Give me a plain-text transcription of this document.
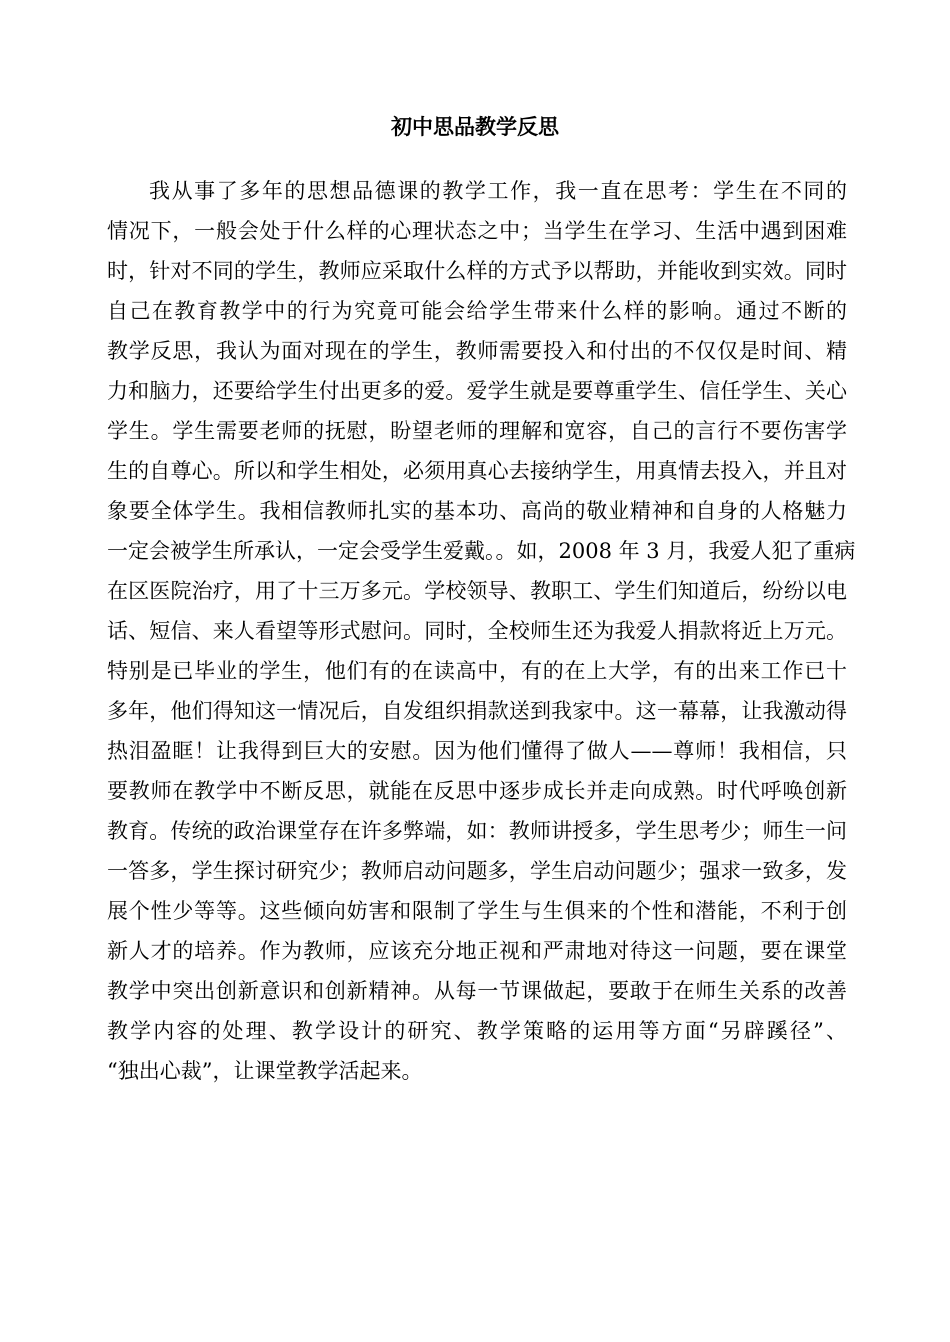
初中思品教学反思
我从事了多年的思想品德课的教学工作，我一直在思考：学生在不同的
情况下，一般会处于什么样的心理状态之中；当学生在学习、生活中遇到困难
时，针对不同的学生，教师应采取什么样的方式予以帮助，并能收到实效。同时
自己在教育教学中的行为究竟可能会给学生带来什么样的影响。通过不断的
教学反思，我认为面对现在的学生，教师需要投入和付出的不仅仅是时间、精
力和脑力，还要给学生付出更多的爱。爱学生就是要尊重学生、信任学生、关心
学生。学生需要老师的抚慰，盼望老师的理解和宽容，自己的言行不要伤害学
生的自尊心。所以和学生相处，必须用真心去接纳学生，用真情去投入，并且对
象要全体学生。我相信教师扎实的基本功、高尚的敬业精神和自身的人格魅力
一定会被学生所承认，一定会受学生爱戴。。如，2008 年 3 月，我爱人犯了重病
在区医院治疗，用了十三万多元。学校领导、教职工、学生们知道后，纷纷以电
话、短信、来人看望等形式慰问。同时，全校师生还为我爱人捐款将近上万元。
特别是已毕业的学生，他们有的在读高中，有的在上大学，有的出来工作已十
多年，他们得知这一情况后，自发组织捐款送到我家中。这一幕幕，让我激动得
热泪盈眶！让我得到巨大的安慰。因为他们懂得了做人——尊师！我相信，只
要教师在教学中不断反思，就能在反思中逐步成长并走向成熟。时代呼唤创新
教育。传统的政治课堂存在许多弊端，如：教师讲授多，学生思考少；师生一问
一答多，学生探讨研究少；教师启动问题多，学生启动问题少；强求一致多，发
展个性少等等。这些倾向妨害和限制了学生与生俱来的个性和潜能，不利于创
新人才的培养。作为教师，应该充分地正视和严肃地对待这一问题，要在课堂
教学中突出创新意识和创新精神。从每一节课做起，要敢于在师生关系的改善
教学内容的处理、教学设计的研究、教学策略的运用等方面“另辟蹊径”、
“独出心裁”，让课堂教学活起来。
